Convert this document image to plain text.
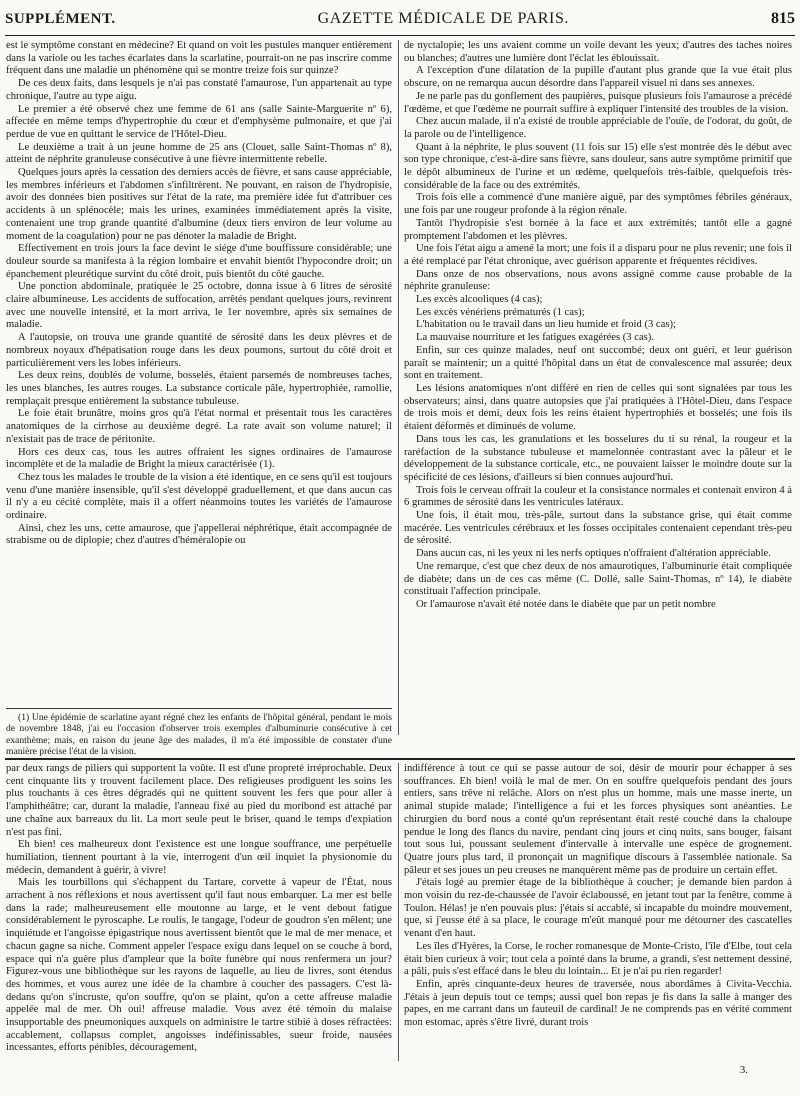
SUPPLÉMENT.	GAZETTE MÉDICALE DE PARIS.	815

est le symptôme constant en médecine? Et quand on voit les pustules manquer entièrement dans la variole ou les taches écarlates dans la scarlatine, pourrait-on ne pas inscrire comme fréquent dans une maladie un phénomène qui se montre treize fois sur quinze?

De ces deux faits, dans lesquels je n'ai pas constaté l'amaurose, l'un appartenait au type chronique, l'autre au type aigu.

Le premier a été observé chez une femme de 61 ans (salle Sainte-Marguerite nº 6), affectée en même temps d'hypertrophie du cœur et d'emphysème pulmonaire, et que j'ai perdue de vue en quittant le service de l'Hôtel-Dieu.

Le deuxième a trait à un jeune homme de 25 ans (Clouet, salle Saint-Thomas nº 8), atteint de néphrite granuleuse consécutive à une fièvre intermittente rebelle.

Quelques jours après la cessation des derniers accès de fièvre, et sans cause appréciable, les membres inférieurs et l'abdomen s'infiltrèrent. Ne pouvant, en raison de l'hydropisie, avoir des données bien positives sur l'état de la rate, ma première idée fut d'attribuer ces accidents à un splénocèle; mais les urines, examinées immédiatement après la visite, contenaient une trop grande quantité d'albumine (deux tiers environ de leur volume au moment de la coagulation) pour ne pas dénoter la maladie de Bright.

Effectivement en trois jours la face devint le siége d'une bouffissure considérable; une douleur sourde sa manifesta à la région lombaire et envahit bientôt l'hypocondre droit; un épanchement pleurétique survint du côté droit, puis bientôt du côté gauche.

Une ponction abdominale, pratiquée le 25 octobre, donna issue à 6 litres de sérosité claire albumineuse. Les accidents de suffocation, arrêtés pendant quelques jours, revinrent avec une nouvelle intensité, et la mort arriva, le 1er novembre, après six semaines de maladie.

A l'autopsie, on trouva une grande quantité de sérosité dans les deux plèvres et de nombreux noyaux d'hépatisation rouge dans les deux poumons, surtout du côté droit et particulièrement vers les lobes inférieurs.

Les deux reins, doublés de volume, bosselés, étaient parsemés de nombreuses taches, les unes blanches, les autres rouges. La substance corticale pâle, hypertrophiée, ramollie, remplaçait presque entièrement la substance tubuleuse.

Le foie était brunâtre, moins gros qu'à l'état normal et présentait tous les caractères anatomiques de la cirrhose au deuxième degré. La rate avait son volume naturel; il n'existait pas de trace de péritonite.

Hors ces deux cas, tous les autres offraient les signes ordinaires de l'amaurose incomplète et de la maladie de Bright la mieux caractérisée (1).

Chez tous les malades le trouble de la vision a été identique, en ce sens qu'il est toujours venu d'une manière insensible, qu'il s'est développé graduellement, et que dans aucun cas il n'y a eu cécité complète, mais il a offert néanmoins toutes les variétés de l'amaurose ordinaire.

Ainsi, chez les uns, cette amaurose, que j'appellerai néphrétique, était accompagnée de strabisme ou de diplopie; chez d'autres d'héméralopie ou

de nyctalopie; les uns avaient comme un voile devant les yeux; d'autres des taches noires ou blanches; d'autres une lumière dont l'éclat les éblouissait.

A l'exception d'une dilatation de la pupille d'autant plus grande que la vue était plus obscure, on ne remarqua aucun désordre dans l'appareil visuel ni dans ses annexes.

Je ne parle pas du gonflement des paupières, puisque plusieurs fois l'amaurose a précédé l'œdème, et que l'œdème ne pourrait suffire à expliquer l'intensité des troubles de la vision.

Chez aucun malade, il n'a existé de trouble appréciable de l'ouïe, de l'odorat, du goût, de la parole ou de l'intelligence.

Quant à la néphrite, le plus souvent (11 fois sur 15) elle s'est montrée dès le début avec son type chronique, c'est-à-dire sans fièvre, sans douleur, sans autre symptôme primitif que le dépôt albumineux de l'urine et un œdème, quelquefois très-faible, quelquefois très-considérable de la face ou des extrémités.

Trois fois elle a commencé d'une manière aiguë, par des symptômes fébriles généraux, une fois par une rougeur profonde à la région rénale.

Tantôt l'hydropisie s'est bornée à la face et aux extrémités; tantôt elle a gagné promptement l'abdomen et les plèvres.

Une fois l'état aigu a amené la mort; une fois il a disparu pour ne plus revenir; une fois il a été remplacé par l'état chronique, avec guérison apparente et fréquentes récidives.

Dans onze de nos observations, nous avons assigné comme cause probable de la néphrite granuleuse:

Les excès alcooliques (4 cas);

Les excès vénériens prématurés (1 cas);

L'habitation ou le travail dans un lieu humide et froid (3 cas);

La mauvaise nourriture et les fatigues exagérées (3 cas).

Enfin, sur ces quinze malades, neuf ont succombé; deux ont guéri, et leur guérison paraît se maintenir; un a quitté l'hôpital dans un état de convalescence mal assurée; deux sont en traitement.

Les lésions anatomiques n'ont différé en rien de celles qui sont signalées par tous les observateurs; ainsi, dans quatre autopsies que j'ai pratiquées à l'Hôtel-Dieu, dans l'espace de trois mois et demi, deux fois les reins étaient hypertrophiés et bosselés; une fois ils étaient déformés et diminués de volume.

Dans tous les cas, les granulations et les bosselures du ti su rénal, la rougeur et la raréfaction de la substance tubuleuse et mamelonnée contrastant avec la pâleur et le développement de la substance corticale, etc., ne pouvaient laisser le moindre doute sur la spécificité de ces lésions, d'ailleurs si bien connues aujourd'hui.

Trois fois le cerveau offrait la couleur et la consistance normales et contenait environ 4 à 6 grammes de sérosité dans les ventricules latéraux.

Une fois, il était mou, très-pâle, surtout dans la substance grise, qui était comme macérée. Les ventricules cérébraux et les fosses occipitales contenaient cependant très-peu de sérosité.

Dans aucun cas, ni les yeux ni les nerfs optiques n'offraient d'altération appréciable.

Une remarque, c'est que chez deux de nos amaurotiques, l'albuminurie était compliquée de diabète; dans un de ces cas même (C. Dollé, salle Saint-Thomas, nº 14), le diabète constituait l'affection principale.

Or l'amaurose n'avait été notée dans le diabète que par un petit nombre

(1) Une épidémie de scarlatine ayant régné chez les enfants de l'hôpital général, pendant le mois de novembre 1848, j'ai eu l'occasion d'observer trois exemples d'albuminurie consécutive à cet exanthème; mais, en raison du jeune âge des malades, il m'a été impossible de constater d'une manière précise l'état de la vision.

par deux rangs de piliers qui supportent la voûte. Il est d'une propreté irréprochable. Deux cent cinquante lits y trouvent facilement place. Des religieuses prodiguent les soins les plus touchants à ces êtres dégradés qui ne quittent souvent les fers que pour aller à l'amphithéâtre; car, durant la maladie, l'anneau fixé au pied du moribond est attaché par une chaîne aux barreaux du lit. La mort seule peut le briser, quand le temps d'expiation n'est pas fini.

Eh bien! ces malheureux dont l'existence est une longue souffrance, une perpétuelle humiliation, tiennent pourtant à la vie, interrogent d'un œil inquiet la physionomie du médecin, demandent à guérir, à vivre!

Mais les tourbillons qui s'échappent du Tartare, corvette à vapeur de l'État, nous arrachent à nos réflexions et nous avertissent qu'il faut nous embarquer. La mer est belle dans la rade; malheureusement elle moutonne au large, et le vent debout fatigue considérablement le pyroscaphe. Le roulis, le tangage, l'odeur de goudron s'en mêlent; une inquiétude et l'angoisse épigastrique nous avertissent bientôt que le mal de mer menace, et chacun gagne sa niche. Comment appeler l'espace exigu dans lequel on se couche à bord, espace qui n'a guère plus d'ampleur que la boîte funèbre qui nous renfermera un jour? Figurez-vous une bibliothèque sur les rayons de laquelle, au lieu de livres, sont étendus des hommes, et vous aurez une idée de la chambre à coucher des passagers. C'est là-dedans qu'on s'incruste, qu'on souffre, qu'on se plaint, qu'on a cette affreuse maladie appelée mal de mer. Oh oui! affreuse maladie. Vous avez été témoin du malaise insupportable des pneumoniques auxquels on administre le tartre stibié à doses réfractées: accablement, collapsus complet, angoisses indéfinissables, sueur froide, nausées incessantes, efforts pénibles, découragement,

indifférence à tout ce qui se passe autour de soi, désir de mourir pour échapper à ses souffrances. Eh bien! voilà le mal de mer. On en souffre quelquefois pendant des jours entiers, sans trêve ni relâche. Alors on n'est plus un homme, mais une masse inerte, un animal stupide malade; l'intelligence a fui et les forces physiques sont anéanties. Le chirurgien du bord nous a conté qu'un représentant était resté couché dans la chaloupe pendue le long des flancs du navire, pendant cinq jours et cinq nuits, sans bouger, faisant tout sous lui, poussant seulement d'intervalle à intervalle une espèce de grognement. Quatre jours plus tard, il prononçait un magnifique discours à l'assemblée nationale. Sa pâleur et ses joues un peu creuses ne manquèrent même pas de produire un certain effet.

J'étais logé au premier étage de la bibliothèque à coucher; je demande bien pardon à mon voisin du rez-de-chaussée de l'avoir éclaboussé, en jetant tout par la fenêtre, comme à Toulon. Hélas! je n'en pouvais plus: j'étais si accablé, si incapable du moindre mouvement, que, si j'eusse été à sa place, le courage m'eût manqué pour me détourner des cascatelles venant d'en haut.

Les îles d'Hyères, la Corse, le rocher romanesque de Monte-Cristo, l'île d'Elbe, tout cela était bien curieux à voir; tout cela a pointé dans la brume, a grandi, s'est nettement dessiné, a pâli, puis s'est effacé dans le bleu du lointain... Et je n'ai pu rien regarder!

Enfin, après cinquante-deux heures de traversée, nous abordâmes à Civita-Vecchia. J'étais à jeun depuis tout ce temps; aussi quel bon repas je fis dans la salle à manger des papes, en me carrant dans un fauteuil de cardinal! Je ne comprends pas en vérité comment mon estomac, après s'être livré, durant trois

3.
